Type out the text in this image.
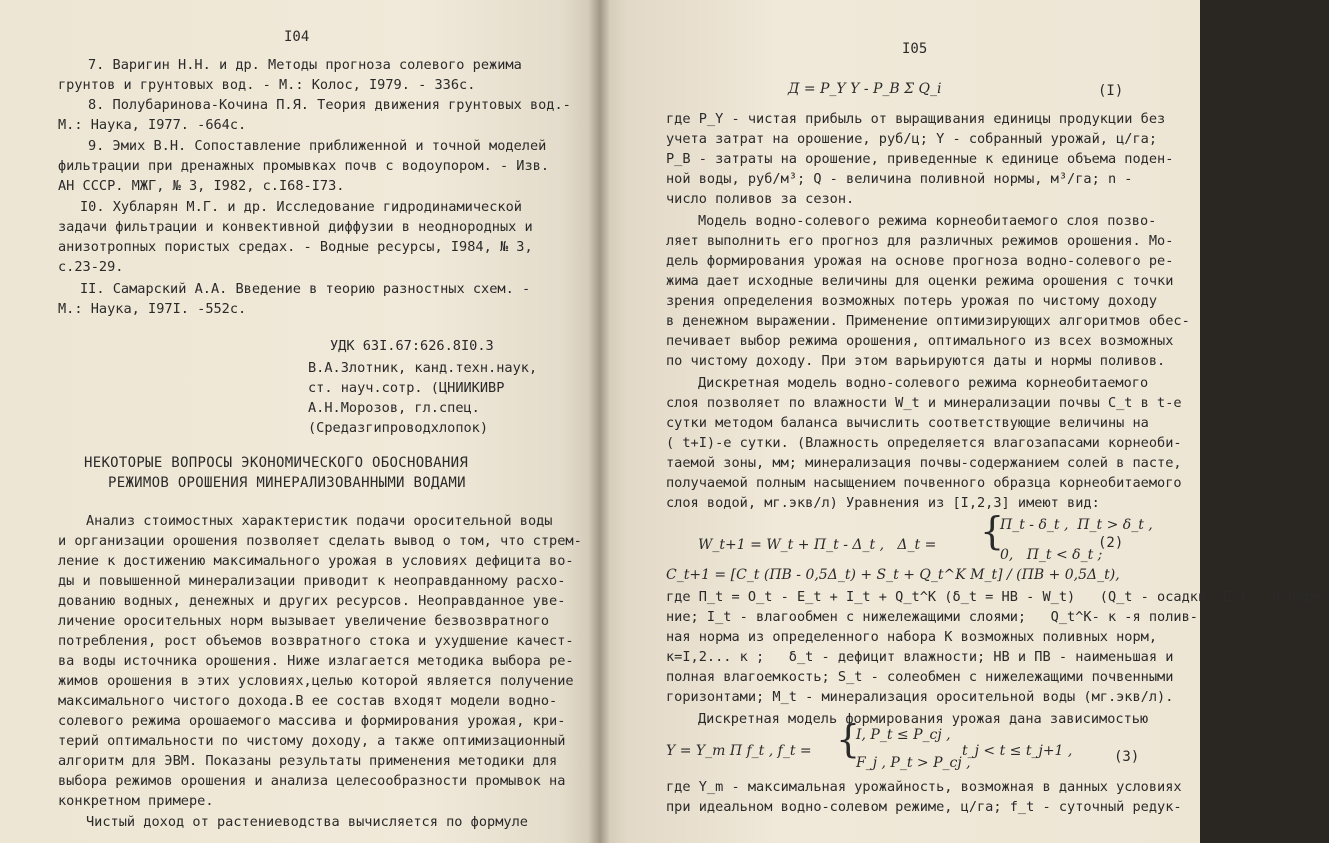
I04
7. Варигин Н.Н. и др. Методы прогноза солевого режима
грунтов и грунтовых вод. - М.: Колос, I979. - 336с.
8. Полубаринова-Кочина П.Я. Теория движения грунтовых вод.-
М.: Наука, I977. -664с.
9. Эмих В.Н. Сопоставление приближенной и точной моделей
фильтрации при дренажных промывках почв с водоупором. - Изв.
АН СССР. МЖГ, № 3, I982, с.I68-I73.
I0. Хубларян М.Г. и др. Исследование гидродинамической
задачи фильтрации и конвективной диффузии в неоднородных и
анизотропных пористых средах. - Водные ресурсы, I984, № 3,
с.23-29.
II. Самарский А.А. Введение в теорию разностных схем. -
М.: Наука, I97I. -552с.
УДК 63I.67:626.8I0.3
В.А.Злотник, канд.техн.наук,
ст. науч.сотр. (ЦНИИКИВР
А.Н.Морозов, гл.спец.
(Средазгипроводхлопок)
НЕКОТОРЫЕ ВОПРОСЫ ЭКОНОМИЧЕСКОГО ОБОСНОВАНИЯ
РЕЖИМОВ ОРОШЕНИЯ МИНЕРАЛИЗОВАННЫМИ ВОДАМИ
Анализ стоимостных характеристик подачи оросительной воды
и организации орошения позволяет сделать вывод о том, что стрем-
ление к достижению максимального урожая в условиях дефицита во-
ды и повышенной минерализации приводит к неоправданному расхо-
дованию водных, денежных и других ресурсов. Неоправданное уве-
личение оросительных норм вызывает увеличение безвозвратного
потребления, рост объемов возвратного стока и ухудшение качест-
ва воды источника орошения. Ниже излагается методика выбора ре-
жимов орошения в этих условиях,целью которой является получение
максимального чистого дохода.В ее состав входят модели водно-
солевого режима орошаемого массива и формирования урожая, кри-
терий оптимальности по чистому доходу, а также оптимизационный
алгоритм для ЭВМ. Показаны результаты применения методики для
выбора режимов орошения и анализа целесообразности промывок на
конкретном примере.
Чистый доход от растениеводства вычисляется по формуле
I05
Д = P_Y Y - P_В Σ Q_i	(I)
где P_Y - чистая прибыль от выращивания единицы продукции без
учета затрат на орошение, руб/ц; Y - собранный урожай, ц/га;
P_В - затраты на орошение, приведенные к единице объема поден-
ной воды, руб/м³; Q - величина поливной нормы, м³/га; n -
число поливов за сезон.
Модель водно-солевого режима корнеобитаемого слоя позво-
ляет выполнить его прогноз для различных режимов орошения. Мо-
дель формирования урожая на основе прогноза водно-солевого ре-
жима дает исходные величины для оценки режима орошения с точки
зрения определения возможных потерь урожая по чистому доходу
в денежном выражении. Применение оптимизирующих алгоритмов обес-
печивает выбор режима орошения, оптимального из всех возможных
по чистому доходу. При этом варьируются даты и нормы поливов.
Дискретная модель водно-солевого режима корнеобитаемого
слоя позволяет по влажности W_t и минерализации почвы C_t в t-е
сутки методом баланса вычислить соответствующие величины на
( t+I)-е сутки. (Влажность определяется влагозапасами корнеоби-
таемой зоны, мм; минерализация почвы-содержанием солей в пасте,
получаемой полным насыщением почвенного образца корнеобитаемого
слоя водой, мг.экв/л) Уравнения из [I,2,3] имеют вид:
W_t+1 = W_t + П_t - Δ_t ,   Δ_t = {
П_t - δ_t ,  П_t > δ_t ,
0,   П_t < δ_t ;
(2)
C_t+1 = [C_t (ПВ - 0,5Δ_t) + S_t + Q_t^K M_t] / (ПВ + 0,5Δ_t),
где П_t = О_t - E_t + I_t + Q_t^K (δ_t = НВ - W_t)   (Q_t - осадки; E_t - испаре-
ние; I_t - влагообмен с нижележащими слоями;   Q_t^K- к -я полив-
ная норма из определенного набора К возможных поливных норм,
к=I,2... к ;   δ_t - дефицит влажности; НВ и ПВ - наименьшая и
полная влагоемкость; S_t - солеобмен с нижележащими почвенными
горизонтами; M_t - минерализация оросительной воды (мг.экв/л).
Дискретная модель формирования урожая дана зависимостью
Y = Y_m Π f_t , f_t = {
I, P_t ≤ P_cj ,
F_j , P_t > P_cj ,
t_j < t ≤ t_j+1 ,	(3)
где Y_m - максимальная урожайность, возможная в данных условиях
при идеальном водно-солевом режиме, ц/га; f_t - суточный редук-
